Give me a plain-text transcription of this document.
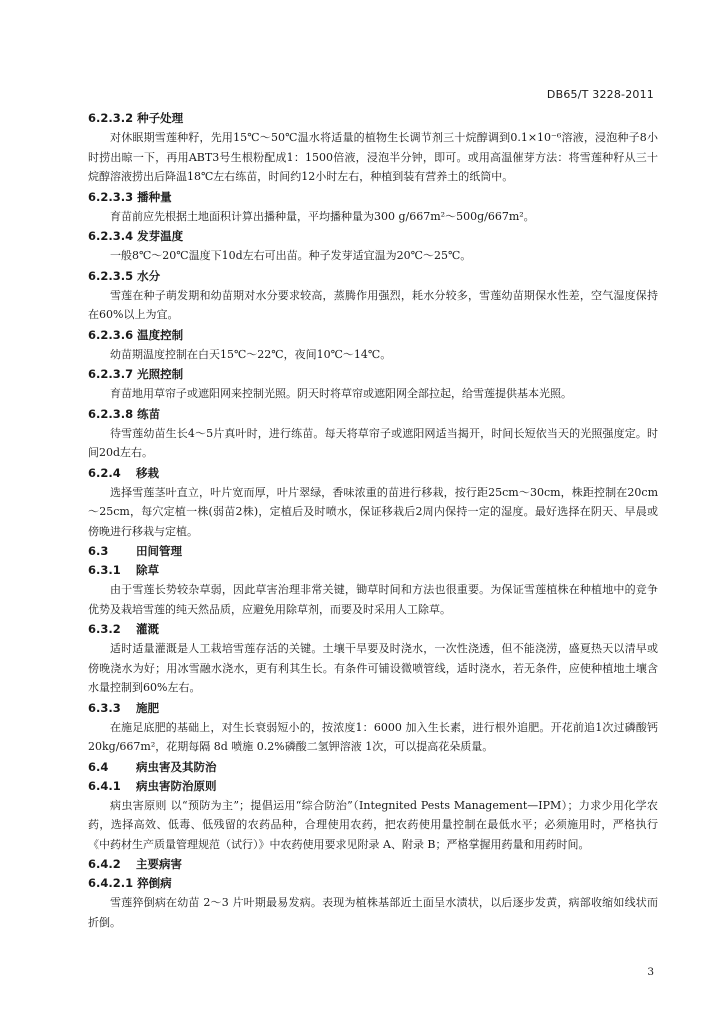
DB65/T 3228-2011
6.2.3.2 种子处理

对休眠期雪莲种籽，先用15℃～50℃温水将适量的植物生长调节剂三十烷醇调到0.1×10⁻⁶溶液，浸泡种子8小时捞出晾一下，再用ABT3号生根粉配成1：1500倍液，浸泡半分钟，即可。或用高温催芽方法：将雪莲种籽从三十烷醇溶液捞出后降温18℃左右练苗，时间约12小时左右，种植到装有营养土的纸筒中。

6.2.3.3 播种量

育苗前应先根据土地面积计算出播种量，平均播种量为300 g/667m²～500g/667m²。

6.2.3.4 发芽温度

一般8℃～20℃温度下10d左右可出苗。种子发芽适宜温为20℃～25℃。

6.2.3.5 水分

雪莲在种子萌发期和幼苗期对水分要求较高，蒸腾作用强烈，耗水分较多，雪莲幼苗期保水性差，空气湿度保持在60%以上为宜。

6.2.3.6 温度控制

幼苗期温度控制在白天15℃～22℃，夜间10℃～14℃。

6.2.3.7 光照控制

育苗地用草帘子或遮阳网来控制光照。阴天时将草帘或遮阳网全部拉起，给雪莲提供基本光照。

6.2.3.8 练苗

待雪莲幼苗生长4～5片真叶时，进行练苗。每天将草帘子或遮阳网适当揭开，时间长短依当天的光照强度定。时间20d左右。

6.2.4 移栽

选择雪莲茎叶直立，叶片宽而厚，叶片翠绿，香味浓重的苗进行移栽，按行距25cm～30cm，株距控制在20cm～25cm，每穴定植一株(弱苗2株)，定植后及时喷水，保证移栽后2周内保持一定的湿度。最好选择在阴天、早晨或傍晚进行移栽与定植。

6.3 田间管理
6.3.1 除草

由于雪莲长势较杂草弱，因此草害治理非常关键，锄草时间和方法也很重要。为保证雪莲植株在种植地中的竞争优势及栽培雪莲的纯天然品质，应避免用除草剂，而要及时采用人工除草。

6.3.2 灌溉

适时适量灌溉是人工栽培雪莲存活的关键。土壤干旱要及时浇水，一次性浇透，但不能浇涝，盛夏热天以清早或傍晚浇水为好；用冰雪融水浇水，更有利其生长。有条件可铺设微喷管线，适时浇水，若无条件，应使种植地土壤含水量控制到60%左右。

6.3.3 施肥

在施足底肥的基础上，对生长衰弱短小的，按浓度1：6000 加入生长素，进行根外追肥。开花前追1次过磷酸钙 20kg/667m²，花期每隔 8d 喷施 0.2%磷酸二氢钾溶液 1次，可以提高花朵质量。

6.4 病虫害及其防治
6.4.1 病虫害防治原则

病虫害原则 以“预防为主”；提倡运用“综合防治”（Integnited Pests Management—IPM）；力求少用化学农药，选择高效、低毒、低残留的农药品种，合理使用农药，把农药使用量控制在最低水平；必须施用时，严格执行《中药材生产质量管理规范（试行）》中农药使用要求见附录 A、附录 B；严格掌握用药量和用药时间。

6.4.2 主要病害
6.4.2.1 猝倒病

雪莲猝倒病在幼苗 2～3 片叶期最易发病。表现为植株基部近土面呈水渍状，以后逐步发黄，病部收缩如线状而折倒。

3
